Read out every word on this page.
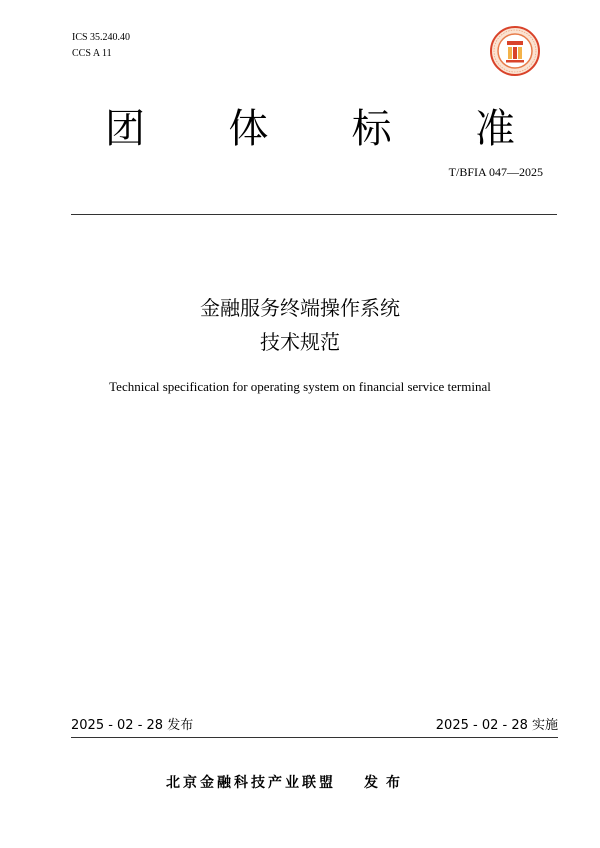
ICS 35.240.40
CCS A 11
团 体 标 准
T/BFIA 047—2025
金融服务终端操作系统
技术规范
Technical specification for operating system on financial service terminal
2025 - 02 - 28 发布	2025 - 02 - 28 实施
北京金融科技产业联盟 发布
